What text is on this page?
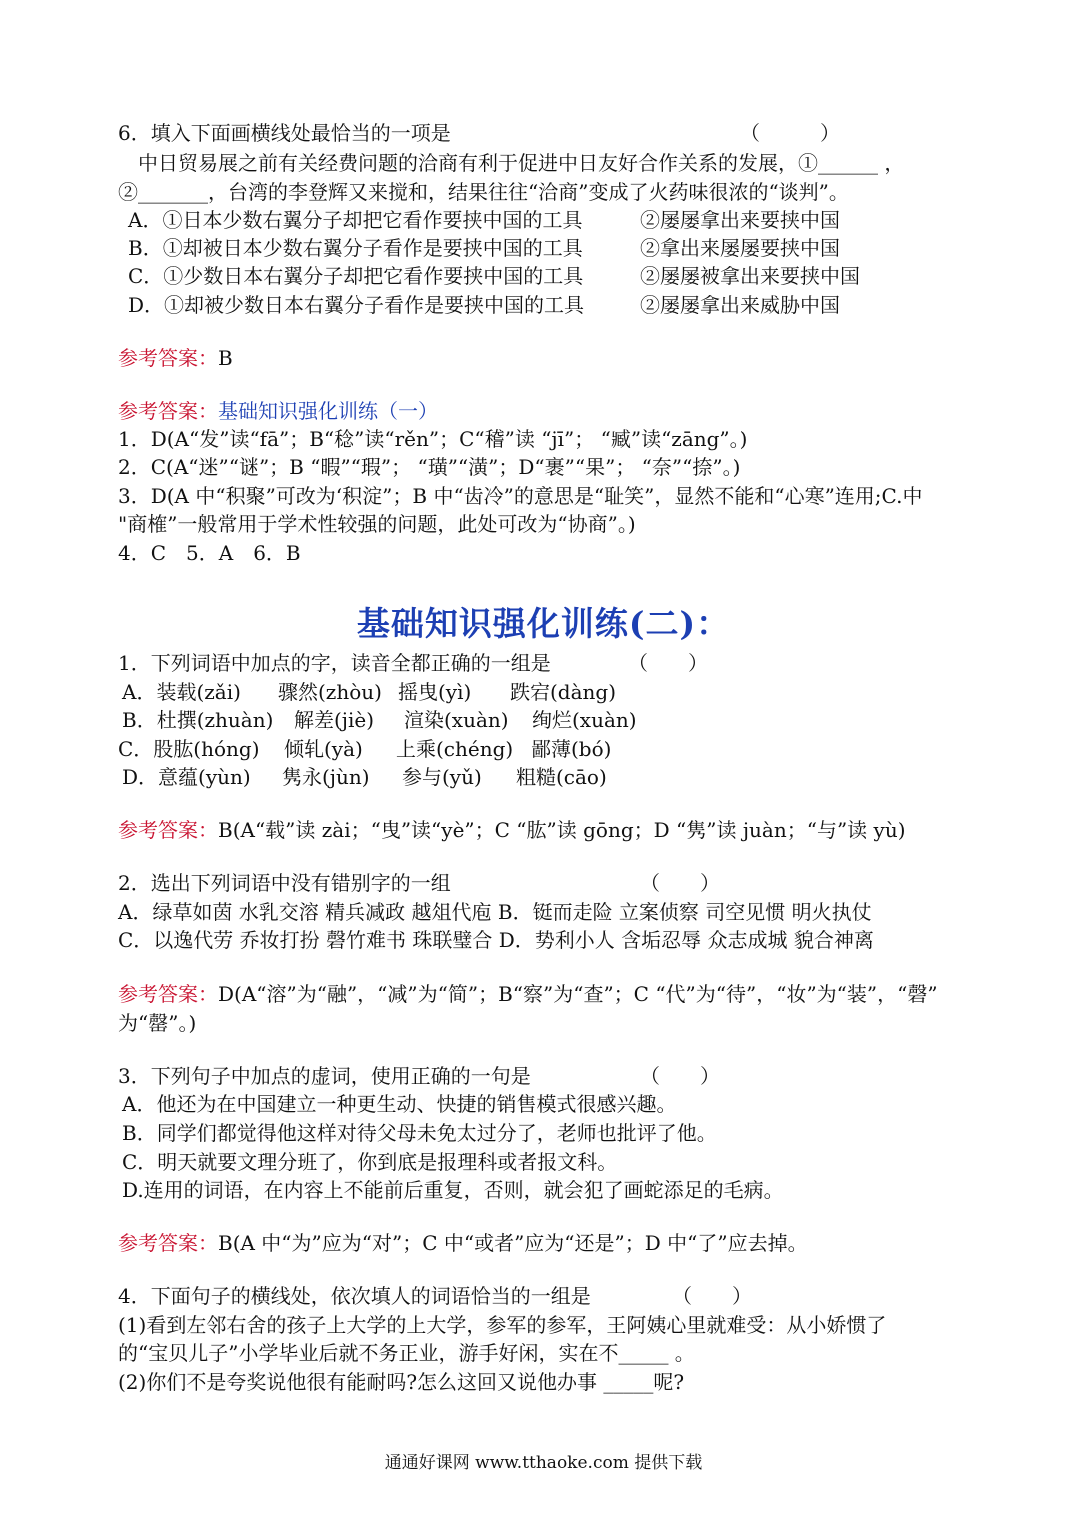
6．填入下面画横线处最恰当的一项是	（　　　）
　中日贸易展之前有关经费问题的洽商有利于促进中日友好合作关系的发展，①______ ，
②_______，台湾的李登辉又来搅和，结果往往“洽商”变成了火药味很浓的“谈判”。
A．①日本少数右翼分子却把它看作要挟中国的工具	②屡屡拿出来要挟中国
B．①却被日本少数右翼分子看作是要挟中国的工具	②拿出来屡屡要挟中国
C．①少数日本右翼分子却把它看作要挟中国的工具	②屡屡被拿出来要挟中国
D．①却被少数日本右翼分子看作是要挟中国的工具	②屡屡拿出来威胁中国
参考答案：B
参考答案：基础知识强化训练（一）
1．D(A“发”读“fā”；B“稔”读“rěn”；C“稽”读 “jī”； “臧”读“zāng”。)
2．C(A“迷”“谜”；B “暇”“瑕”； “璜”“潢”；D“裹”“果”； “奈”“捺”。)
3．D(A 中“积聚”可改为‘积淀”；B 中“齿冷”的意思是“耻笑”，显然不能和“心寒”连用;C.中
"商榷”一般常用于学术性较强的问题，此处可改为“协商”。)
4．C　5．A　6．B
基础知识强化训练(二)：
1．下列词语中加点的字，读音全都正确的一组是	（　　）
A．装载(zǎi) 骤然(zhòu) 摇曳(yì) 跌宕(dàng)
B．杜撰(zhuàn) 解差(jiè) 渲染(xuàn) 绚烂(xuàn)
C．股肱(hóng) 倾轧(yà) 上乘(chéng) 鄙薄(bó)
D．意蕴(yùn) 隽永(jùn) 参与(yǔ) 粗糙(cāo)
参考答案：B(A“载”读 zài；“曳”读“yè”；C “肱”读 gōng；D “隽”读 juàn；“与”读 yù)
2．选出下列词语中没有错别字的一组	（　　）
A．绿草如茵 水乳交溶 精兵减政 越俎代庖 B．铤而走险 立案侦察 司空见惯 明火执仗
C．以逸代劳 乔妆打扮 磬竹难书 珠联璧合 D．势利小人 含垢忍辱 众志成城 貌合神离
参考答案：D(A“溶”为“融”，“减”为“简”；B“察”为“查”；C “代”为“待”，“妆”为“装”，“磬”
为“罄”。)
3．下列句子中加点的虚词，使用正确的一句是	（　　）
A．他还为在中国建立一种更生动、快捷的销售模式很感兴趣。
B．同学们都觉得他这样对待父母未免太过分了，老师也批评了他。
C．明天就要文理分班了，你到底是报理科或者报文科。
D.连用的词语，在内容上不能前后重复，否则，就会犯了画蛇添足的毛病。
参考答案：B(A 中“为”应为“对”；C 中“或者”应为“还是”；D 中“了”应去掉。
4．下面句子的横线处，依次填人的词语恰当的一组是	（　　）
(1)看到左邻右舍的孩子上大学的上大学，参军的参军，王阿姨心里就难受：从小娇惯了
的“宝贝儿子”小学毕业后就不务正业，游手好闲，实在不_____ 。
(2)你们不是夸奖说他很有能耐吗?怎么这回又说他办事 _____呢?
通通好课网 www.tthaoke.com 提供下载
